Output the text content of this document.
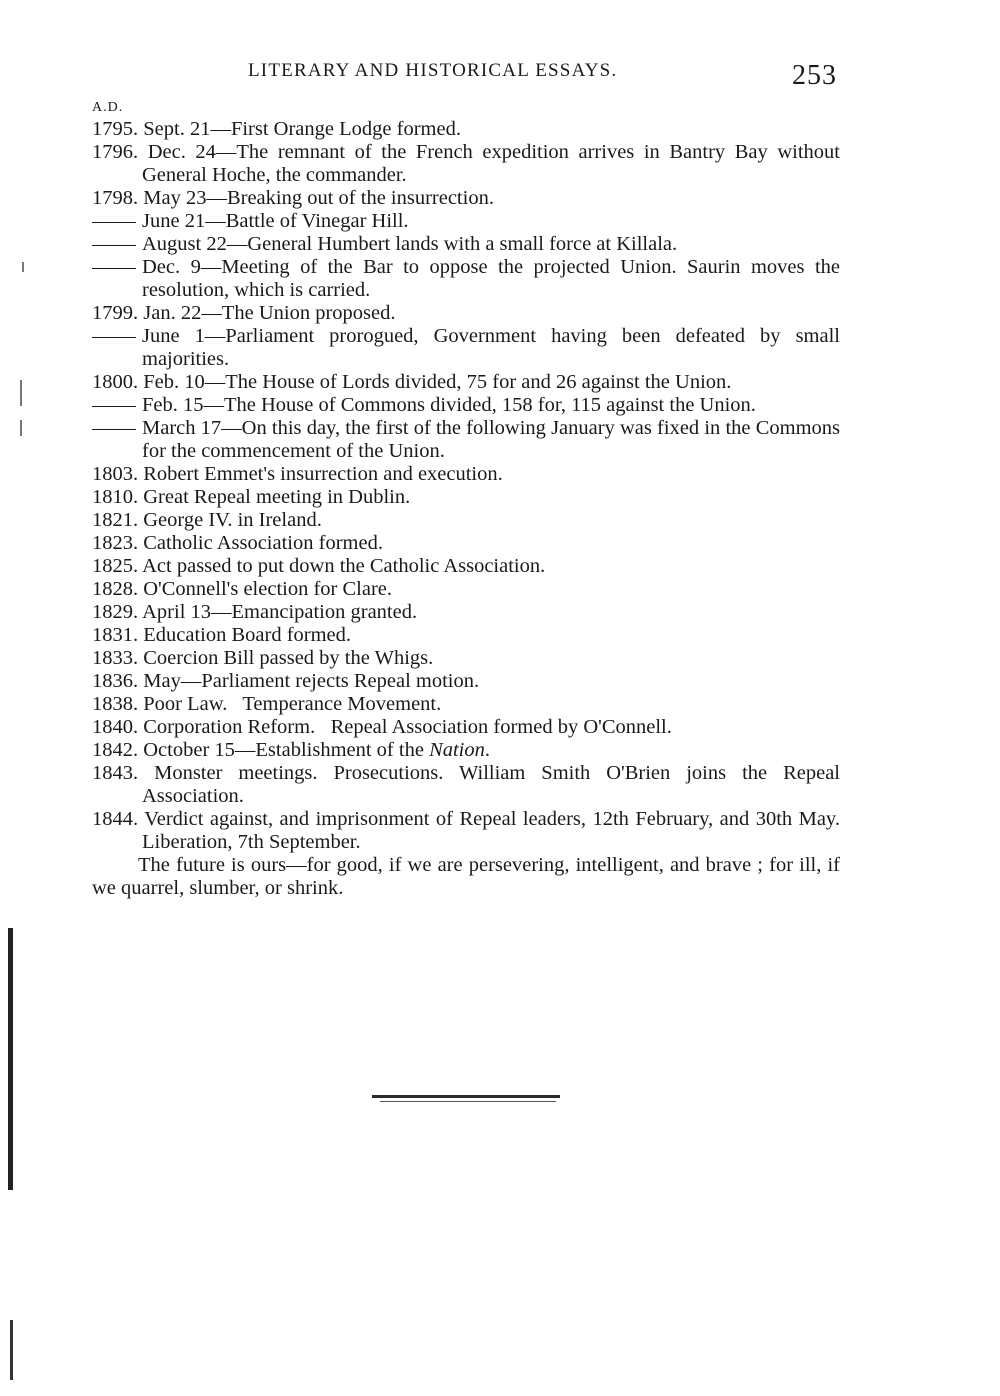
LITERARY AND HISTORICAL ESSAYS.	253
A.D.
1795. Sept. 21—First Orange Lodge formed.
1796. Dec. 24—The remnant of the French expedition arrives in Bantry Bay without General Hoche, the commander.
1798. May 23—Breaking out of the insurrection.
June 21—Battle of Vinegar Hill.
August 22—General Humbert lands with a small force at Killala.
Dec. 9—Meeting of the Bar to oppose the projected Union. Saurin moves the resolution, which is carried.
1799. Jan. 22—The Union proposed.
June 1—Parliament prorogued, Government having been defeated by small majorities.
1800. Feb. 10—The House of Lords divided, 75 for and 26 against the Union.
Feb. 15—The House of Commons divided, 158 for, 115 against the Union.
March 17—On this day, the first of the following January was fixed in the Commons for the commencement of the Union.
1803. Robert Emmet's insurrection and execution.
1810. Great Repeal meeting in Dublin.
1821. George IV. in Ireland.
1823. Catholic Association formed.
1825. Act passed to put down the Catholic Association.
1828. O'Connell's election for Clare.
1829. April 13—Emancipation granted.
1831. Education Board formed.
1833. Coercion Bill passed by the Whigs.
1836. May—Parliament rejects Repeal motion.
1838. Poor Law.   Temperance Movement.
1840. Corporation Reform.   Repeal Association formed by O'Connell.
1842. October 15—Establishment of the Nation.
1843. Monster meetings. Prosecutions. William Smith O'Brien joins the Repeal Association.
1844. Verdict against, and imprisonment of Repeal leaders, 12th February, and 30th May. Liberation, 7th September.
The future is ours—for good, if we are persevering, intelligent, and brave ; for ill, if we quarrel, slumber, or shrink.
